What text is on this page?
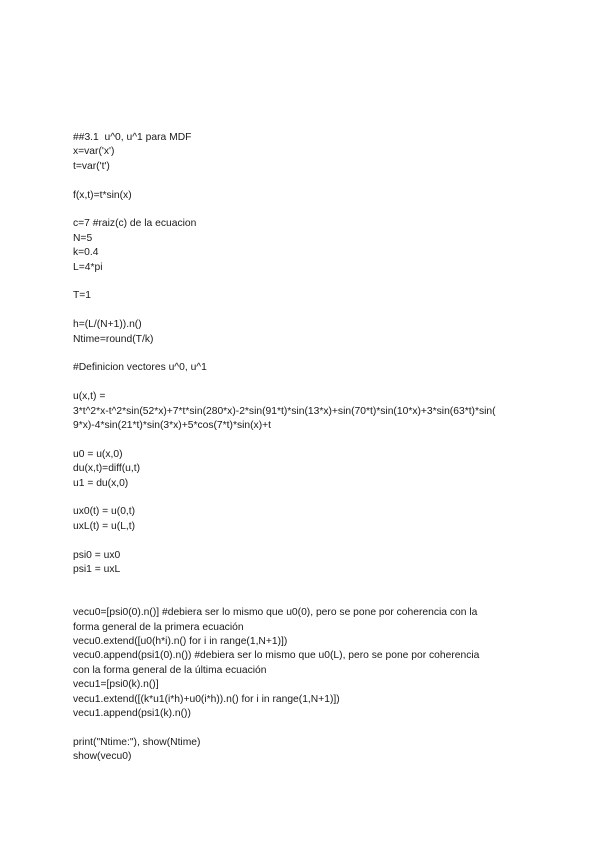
##3.1  u^0, u^1 para MDF
x=var('x')
t=var('t')
f(x,t)=t*sin(x)
c=7 #raiz(c) de la ecuacion
N=5
k=0.4
L=4*pi
T=1
h=(L/(N+1)).n()
Ntime=round(T/k)
#Definicion vectores u^0, u^1
u(x,t) =
3*t^2*x-t^2*sin(52*x)+7*t*sin(280*x)-2*sin(91*t)*sin(13*x)+sin(70*t)*sin(10*x)+3*sin(63*t)*sin(
9*x)-4*sin(21*t)*sin(3*x)+5*cos(7*t)*sin(x)+t
u0 = u(x,0)
du(x,t)=diff(u,t)
u1 = du(x,0)
ux0(t) = u(0,t)
uxL(t) = u(L,t)
psi0 = ux0
psi1 = uxL
vecu0=[psi0(0).n()] #debiera ser lo mismo que u0(0), pero se pone por coherencia con la
forma general de la primera ecuación
vecu0.extend([u0(h*i).n() for i in range(1,N+1)])
vecu0.append(psi1(0).n()) #debiera ser lo mismo que u0(L), pero se pone por coherencia
con la forma general de la última ecuación
vecu1=[psi0(k).n()]
vecu1.extend([(k*u1(i*h)+u0(i*h)).n() for i in range(1,N+1)])
vecu1.append(psi1(k).n())
print("Ntime:"), show(Ntime)
show(vecu0)
